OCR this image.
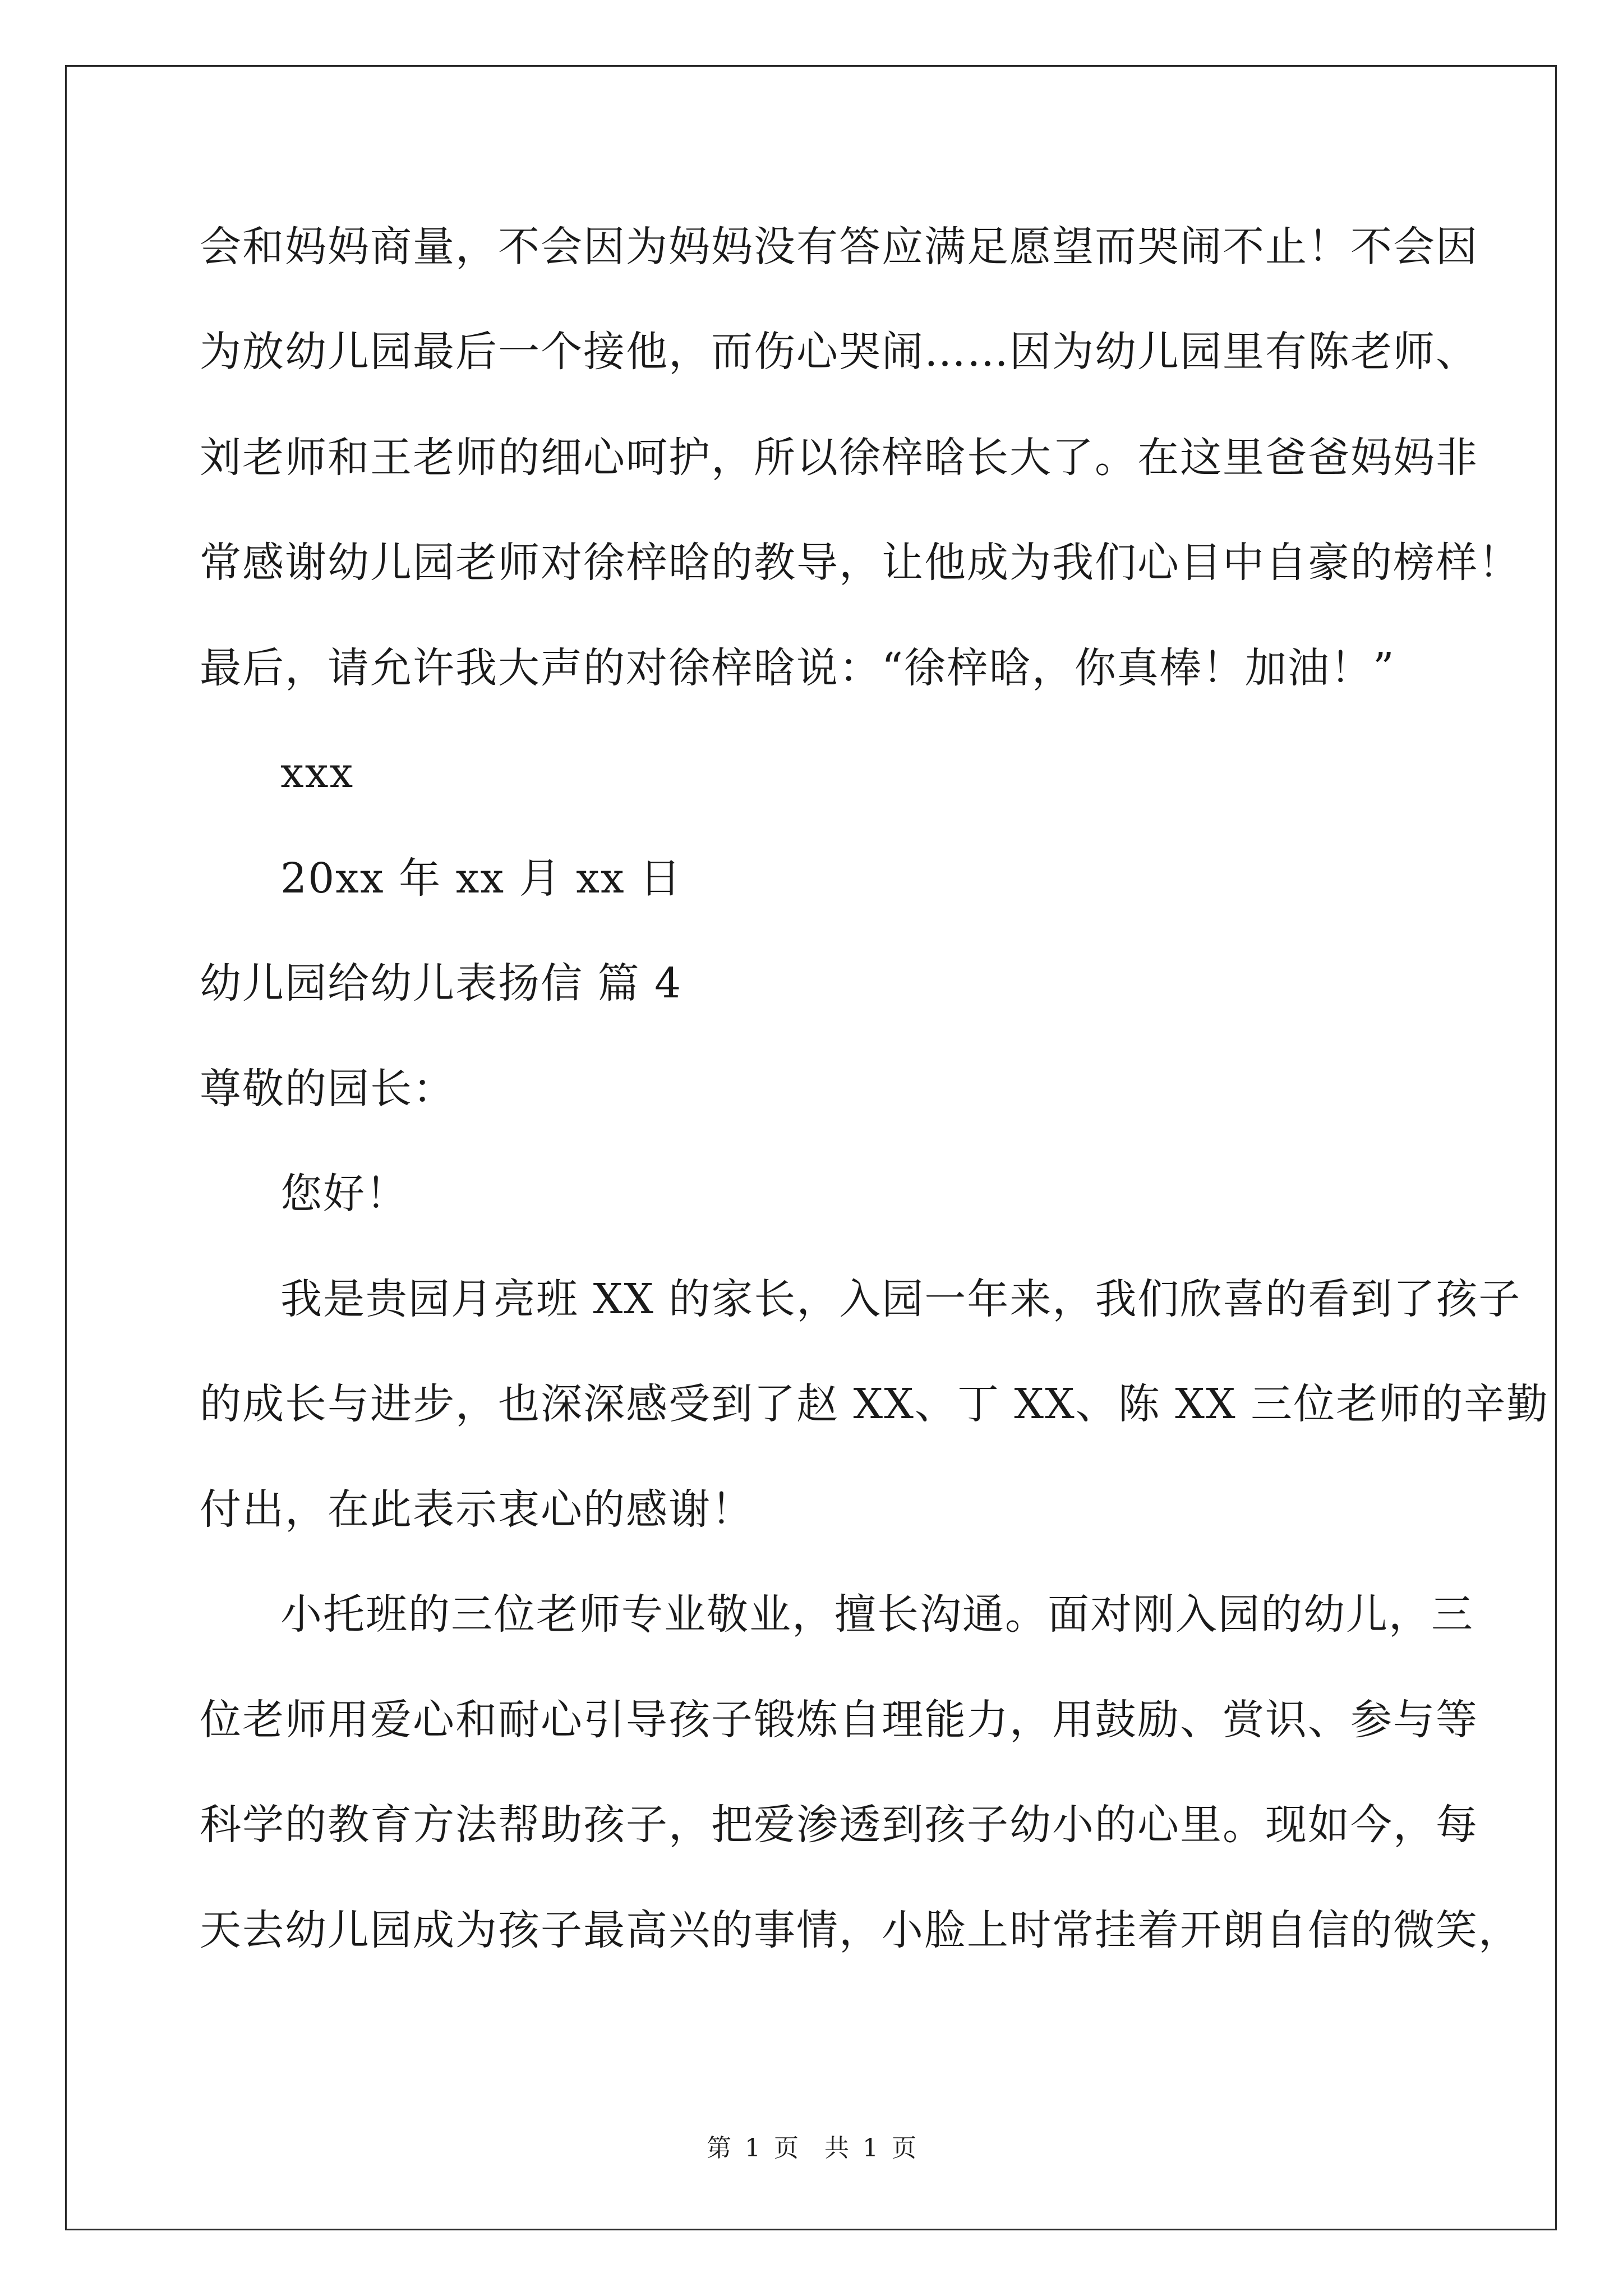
会和妈妈商量，不会因为妈妈没有答应满足愿望而哭闹不止！不会因
为放幼儿园最后一个接他，而伤心哭闹……因为幼儿园里有陈老师、
刘老师和王老师的细心呵护，所以徐梓晗长大了。在这里爸爸妈妈非
常感谢幼儿园老师对徐梓晗的教导，让他成为我们心目中自豪的榜样！
最后，请允许我大声的对徐梓晗说：“徐梓晗，你真棒！加油！”
xxx
20xx 年 xx 月 xx 日
幼儿园给幼儿表扬信 篇 4
尊敬的园长：
您好！
我是贵园月亮班 XX 的家长，入园一年来，我们欣喜的看到了孩子
的成长与进步，也深深感受到了赵 XX、丁 XX、陈 XX 三位老师的辛勤
付出，在此表示衷心的感谢！
小托班的三位老师专业敬业，擅长沟通。面对刚入园的幼儿，三
位老师用爱心和耐心引导孩子锻炼自理能力，用鼓励、赏识、参与等
科学的教育方法帮助孩子，把爱渗透到孩子幼小的心里。现如今，每
天去幼儿园成为孩子最高兴的事情，小脸上时常挂着开朗自信的微笑，
第 1 页 共 1 页
